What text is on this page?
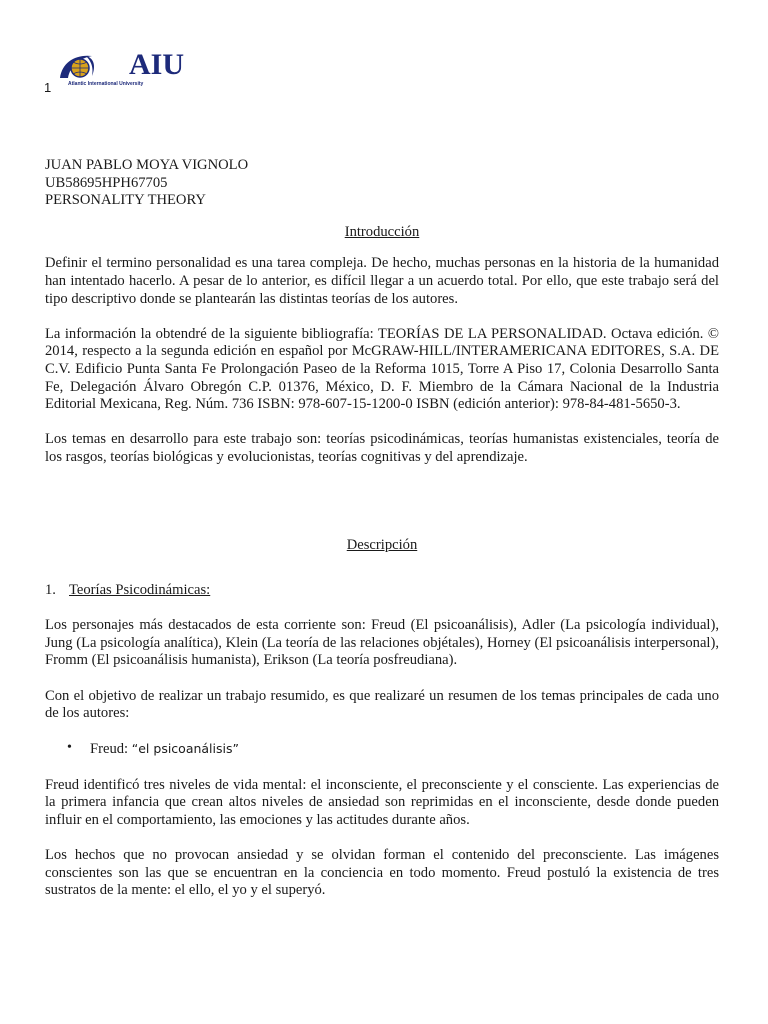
AIU
Atlantic International University
1

JUAN PABLO MOYA VIGNOLO

UB58695HPH67705

PERSONALITY THEORY

Introducción

Definir el termino personalidad es una tarea compleja. De hecho, muchas personas en la historia de la humanidad han intentado hacerlo. A pesar de lo anterior, es difícil llegar a un acuerdo total. Por ello, que este trabajo será del tipo descriptivo donde se plantearán las distintas teorías de los autores.

La información la obtendré de la siguiente bibliografía: TEORÍAS DE LA PERSONALIDAD. Octava edición. © 2014, respecto a la segunda edición en español por McGRAW-HILL/INTERAMERICANA EDITORES, S.A. DE C.V. Edificio Punta Santa Fe Prolongación Paseo de la Reforma 1015, Torre A Piso 17, Colonia Desarrollo Santa Fe, Delegación Álvaro Obregón C.P. 01376, México, D. F. Miembro de la Cámara Nacional de la Industria Editorial Mexicana, Reg. Núm. 736 ISBN: 978-607-15-1200-0 ISBN (edición anterior): 978-84-481-5650-3.

Los temas en desarrollo para este trabajo son: teorías psicodinámicas, teorías humanistas existenciales, teoría de los rasgos, teorías biológicas y evolucionistas, teorías cognitivas y del aprendizaje.

Descripción

1. Teorías Psicodinámicas:

Los personajes más destacados de esta corriente son: Freud (El psicoanálisis), Adler (La psicología individual), Jung (La psicología analítica), Klein (La teoría de las relaciones objétales), Horney (El psicoanálisis interpersonal), Fromm (El psicoanálisis humanista), Erikson (La teoría posfreudiana).

Con el objetivo de realizar un trabajo resumido, es que realizaré un resumen de los temas principales de cada uno de los autores:

• Freud: “el psicoanálisis”

Freud identificó tres niveles de vida mental: el inconsciente, el preconsciente y el consciente. Las experiencias de la primera infancia que crean altos niveles de ansiedad son reprimidas en el inconsciente, desde donde pueden influir en el comportamiento, las emociones y las actitudes durante años.

Los hechos que no provocan ansiedad y se olvidan forman el contenido del preconsciente. Las imágenes conscientes son las que se encuentran en la conciencia en todo momento. Freud postuló la existencia de tres sustratos de la mente: el ello, el yo y el superyó.
